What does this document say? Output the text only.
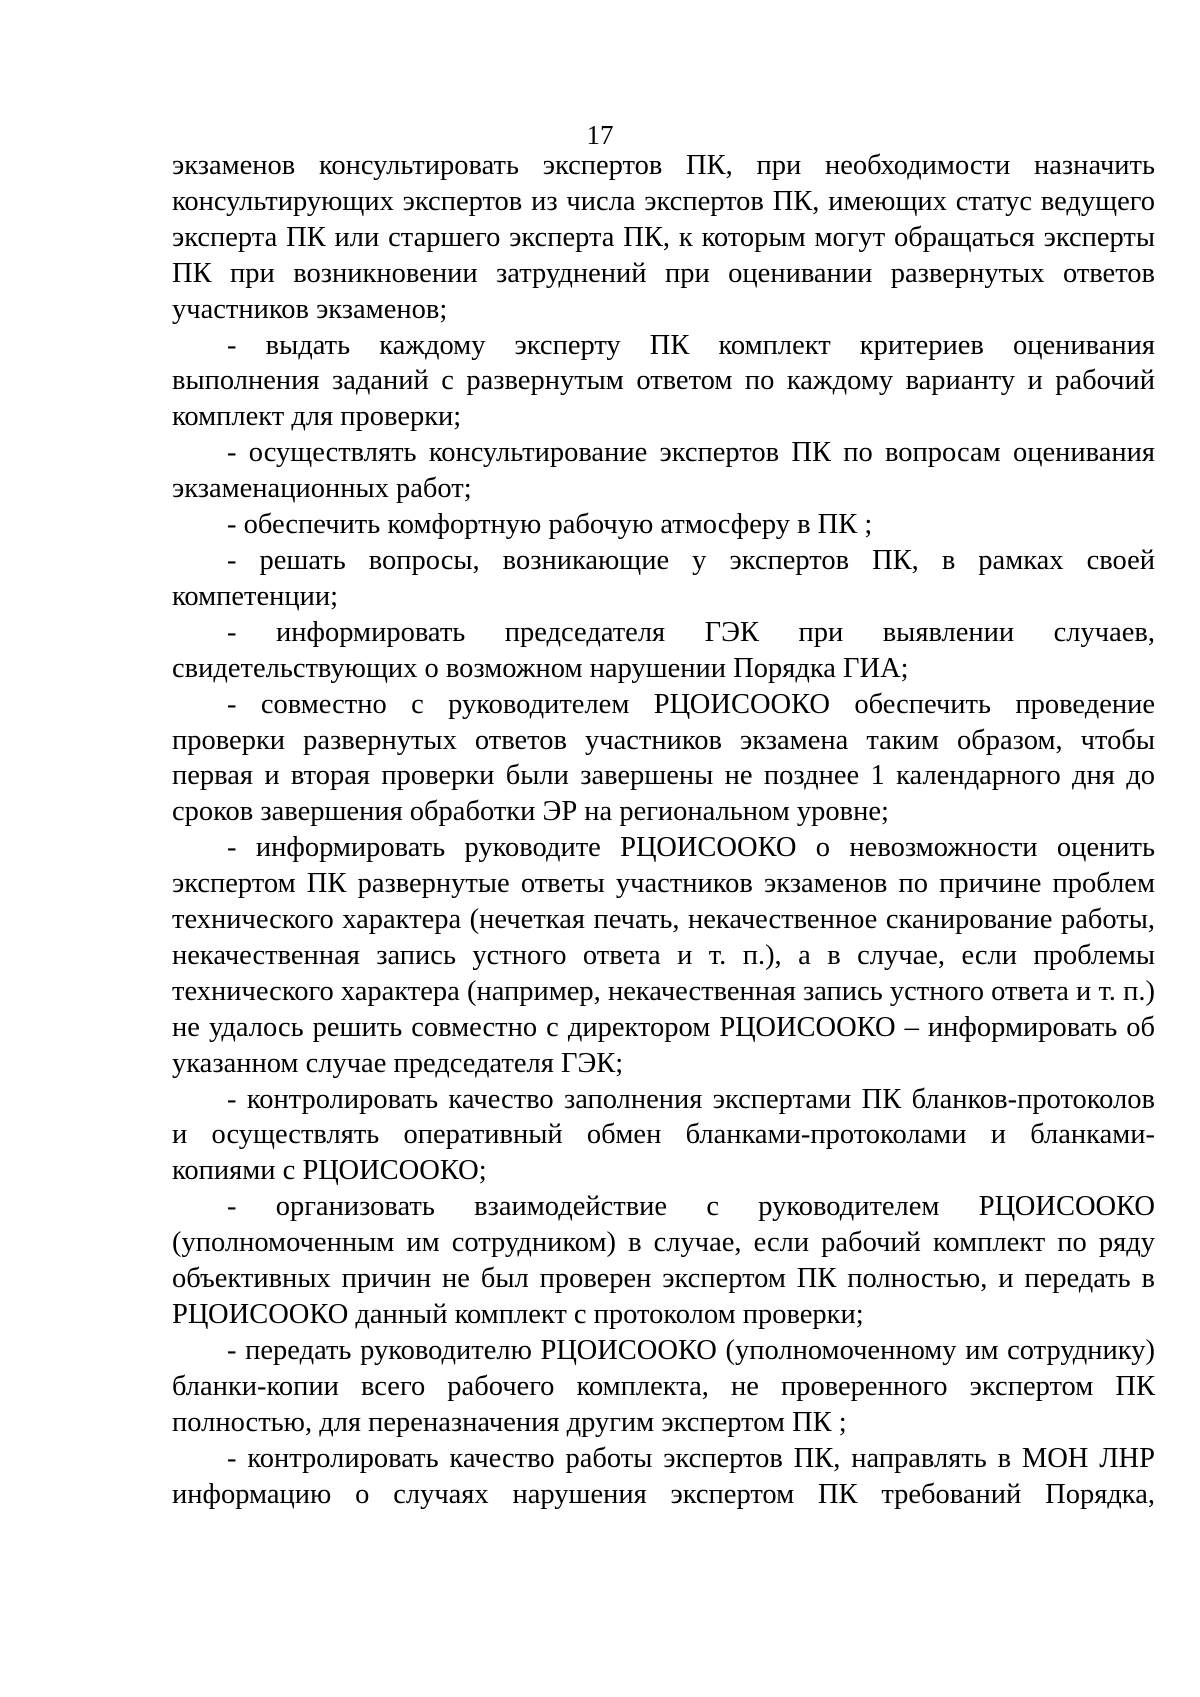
17

экзаменов консультировать экспертов ПК, при необходимости назначить консультирующих экспертов из числа экспертов ПК, имеющих статус ведущего эксперта ПК или старшего эксперта ПК, к которым могут обращаться эксперты ПК при возникновении затруднений при оценивании развернутых ответов участников экзаменов;

- выдать каждому эксперту ПК комплект критериев оценивания выполнения заданий с развернутым ответом по каждому варианту и рабочий комплект для проверки;

- осуществлять консультирование экспертов ПК по вопросам оценивания экзаменационных работ;

- обеспечить комфортную рабочую атмосферу в ПК ;

- решать вопросы, возникающие у экспертов ПК, в рамках своей компетенции;

- информировать председателя ГЭК при выявлении случаев, свидетельствующих о возможном нарушении Порядка ГИА;

- совместно с руководителем РЦОИСООКО обеспечить проведение проверки развернутых ответов участников экзамена таким образом, чтобы первая и вторая проверки были завершены не позднее 1 календарного дня до сроков завершения обработки ЭР на региональном уровне;

- информировать руководите РЦОИСООКО о невозможности оценить экспертом ПК развернутые ответы участников экзаменов по причине проблем технического характера (нечеткая печать, некачественное сканирование работы, некачественная запись устного ответа и т. п.), а в случае, если проблемы технического характера (например, некачественная запись устного ответа и т. п.) не удалось решить совместно с директором РЦОИСООКО – информировать об указанном случае председателя ГЭК;

- контролировать качество заполнения экспертами ПК бланков-протоколов и осуществлять оперативный обмен бланками-протоколами и бланками-копиями с РЦОИСООКО;

- организовать взаимодействие с руководителем РЦОИСООКО (уполномоченным им сотрудником) в случае, если рабочий комплект по ряду объективных причин не был проверен экспертом ПК полностью, и передать в РЦОИСООКО данный комплект с протоколом проверки;

- передать руководителю РЦОИСООКО (уполномоченному им сотруднику) бланки-копии всего рабочего комплекта, не проверенного экспертом ПК полностью, для переназначения другим экспертом ПК ;

- контролировать качество работы экспертов ПК, направлять в МОН ЛНР информацию о случаях нарушения экспертом ПК требований Порядка,
